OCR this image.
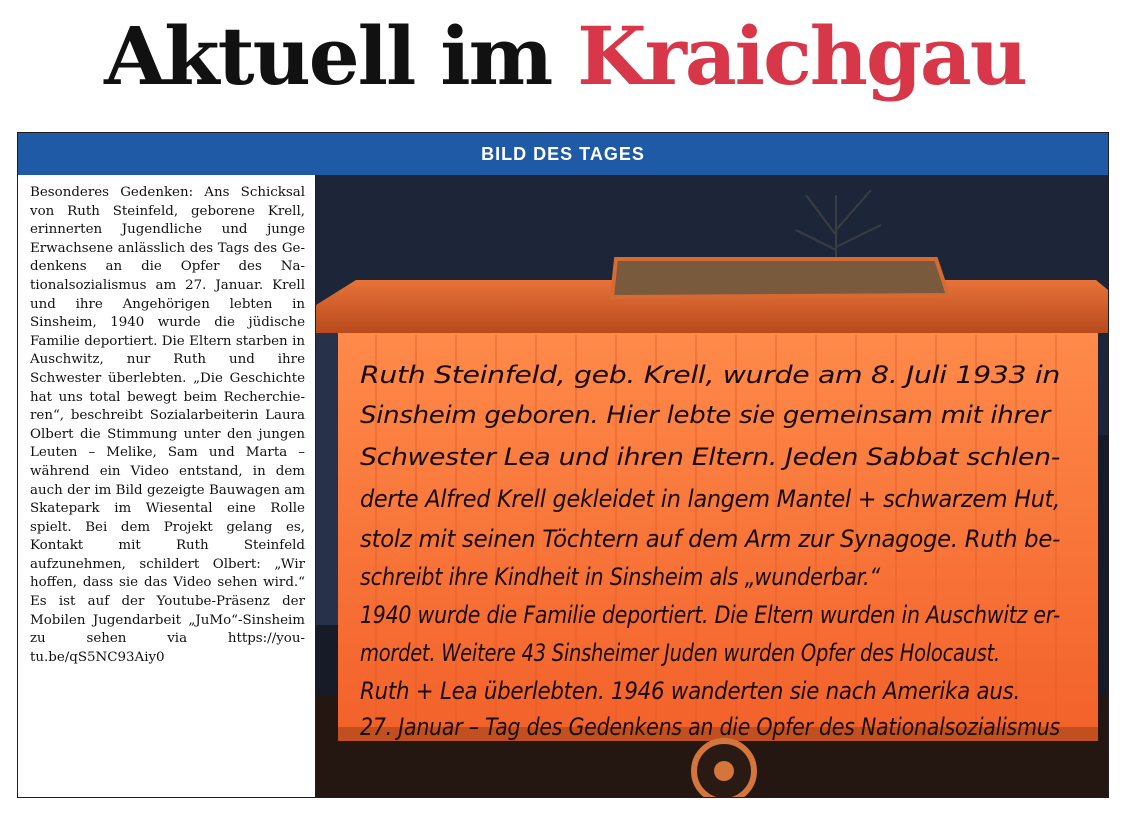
Aktuell im Kraichgau
BILD DES TAGES

Besonderes Gedenken: Ans Schicksal von Ruth Steinfeld, geborene Krell, erinnerten Jugendliche und junge Erwachsene anlässlich des Tags des Gedenkens an die Opfer des Nationalsozialismus am 27. Januar. Krell und ihre Angehörigen lebten in Sinsheim, 1940 wurde die jüdische Familie deportiert. Die Eltern starben in Auschwitz, nur Ruth und ihre Schwester überlebten. „Die Geschichte hat uns total bewegt beim Recherchieren“, beschreibt Sozialarbeiterin Laura Olbert die Stimmung unter den jungen Leuten – Melike, Sam und Marta – während ein Video entstand, in dem auch der im Bild gezeigte Bauwagen am Skatepark im Wiesental eine Rolle spielt. Bei dem Projekt gelang es, Kontakt mit Ruth Steinfeld aufzunehmen, schildert Olbert: „Wir hoffen, dass sie das Video sehen wird.“ Es ist auf der Youtube-Präsenz der Mobilen Jugendarbeit „JuMo“-Sinsheim zu sehen via https://youtu.be/qS5NC93Aiy0

Ruth Steinfeld, geb. Krell, wurde am 8. Juli 1933 in
Sinsheim geboren. Hier lebte sie gemeinsam mit ihrer
Schwester Lea und ihren Eltern. Jeden Sabbat schlen-
derte Alfred Krell gekleidet in langem Mantel + schwarzem Hut,
stolz mit seinen Töchtern auf dem Arm zur Synagoge. Ruth be-
schreibt ihre Kindheit in Sinsheim als „wunderbar.“
1940 wurde die Familie deportiert. Die Eltern wurden in Auschwitz er-
mordet. Weitere 43 Sinsheimer Juden wurden Opfer des Holocaust.
Ruth + Lea überlebten. 1946 wanderten sie nach Amerika aus.
27. Januar – Tag des Gedenkens an die Opfer des Nationalsozialismus
